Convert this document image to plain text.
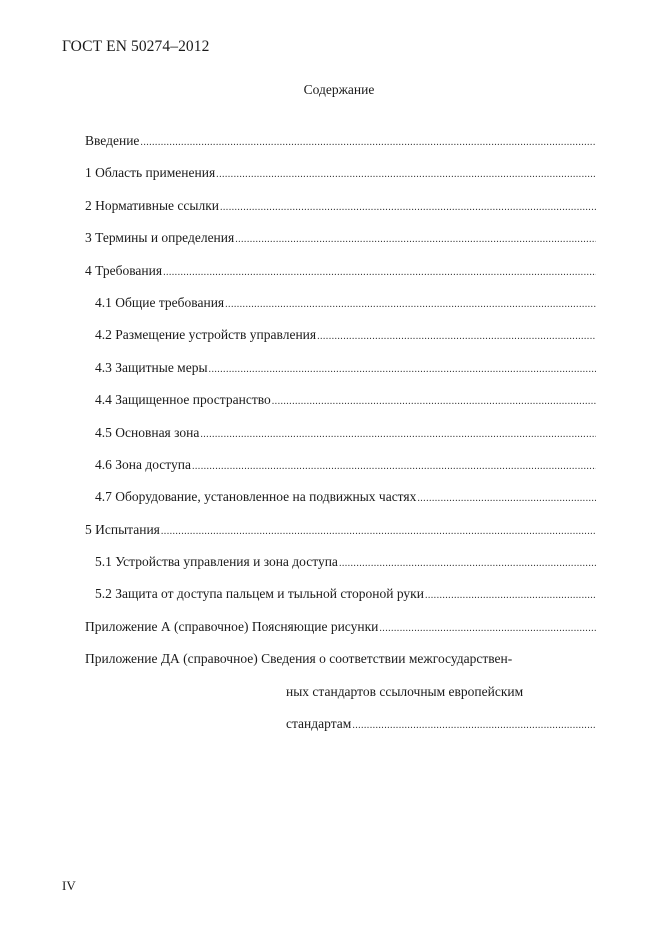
ГОСТ EN 50274–2012
Содержание
Введение
.....
1 Область применения
.....
2 Нормативные ссылки
.....
3 Термины и определения
.....
4 Требования
.....
4.1 Общие требования
.....
4.2 Размещение устройств управления
.....
4.3 Защитные меры
.....
4.4 Защищенное пространство
.....
4.5 Основная зона
.....
4.6 Зона доступа
.....
4.7 Оборудование, установленное на подвижных частях
.....
5 Испытания
.....
5.1 Устройства управления и зона доступа
.....
5.2 Защита от доступа пальцем и тыльной стороной руки
.....
Приложение А (справочное) Поясняющие рисунки
.....
Приложение ДА (справочное) Сведения о соответствии межгосударствен-
ных стандартов ссылочным европейским
стандартам
.....
IV
